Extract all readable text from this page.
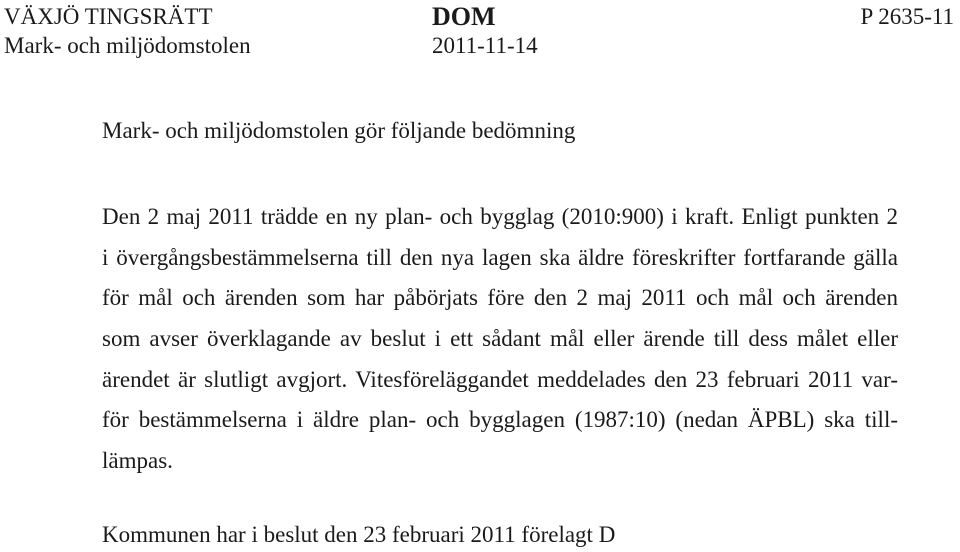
VÄXJÖ TINGSRÄTT
Mark- och miljödomstolen
DOM
2011-11-14
P 2635-11
Mark- och miljödomstolen gör följande bedömning
Den 2 maj 2011 trädde en ny plan- och bygglag (2010:900) i kraft. Enligt punkten 2
i övergångsbestämmelserna till den nya lagen ska äldre föreskrifter fortfarande gälla
för mål och ärenden som har påbörjats före den 2 maj 2011 och mål och ärenden
som avser överklagande av beslut i ett sådant mål eller ärende till dess målet eller
ärendet är slutligt avgjort. Vitesföreläggandet meddelades den 23 februari 2011 var-
för bestämmelserna i äldre plan- och bygglagen (1987:10) (nedan ÄPBL) ska till-
lämpas.
Kommunen har i beslut den 23 februari 2011 förelagt D
